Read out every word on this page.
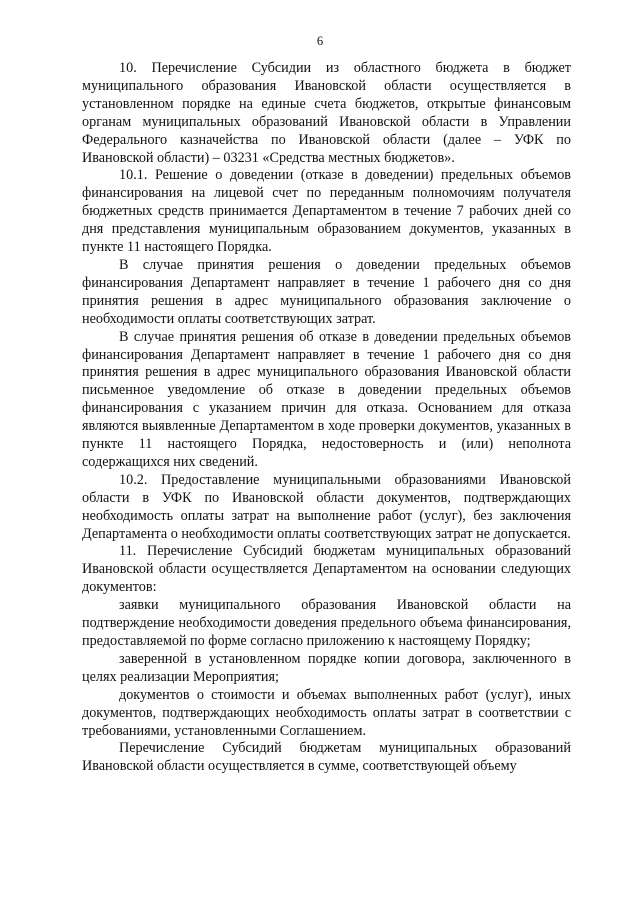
6

10. Перечисление Субсидии из областного бюджета в бюджет муниципального образования Ивановской области осуществляется в установленном порядке на единые счета бюджетов, открытые финансовым органам муниципальных образований Ивановской области в Управлении Федерального казначейства по Ивановской области (далее – УФК по Ивановской области) – 03231 «Средства местных бюджетов».

10.1. Решение о доведении (отказе в доведении) предельных объемов финансирования на лицевой счет по переданным полномочиям получателя бюджетных средств принимается Департаментом в течение 7 рабочих дней со дня представления муниципальным образованием документов, указанных в пункте 11 настоящего Порядка.

В случае принятия решения о доведении предельных объемов финансирования Департамент направляет в течение 1 рабочего дня со дня принятия решения в адрес муниципального образования заключение о необходимости оплаты соответствующих затрат.

В случае принятия решения об отказе в доведении предельных объемов финансирования Департамент направляет в течение 1 рабочего дня со дня принятия решения в адрес муниципального образования Ивановской области письменное уведомление об отказе в доведении предельных объемов финансирования с указанием причин для отказа. Основанием для отказа являются выявленные Департаментом в ходе проверки документов, указанных в пункте 11 настоящего Порядка, недостоверность и (или) неполнота содержащихся них сведений.

10.2. Предоставление муниципальными образованиями Ивановской области в УФК по Ивановской области документов, подтверждающих необходимость оплаты затрат на выполнение работ (услуг), без заключения Департамента о необходимости оплаты соответствующих затрат не допускается.

11. Перечисление Субсидий бюджетам муниципальных образований Ивановской области осуществляется Департаментом на основании следующих документов:

заявки муниципального образования Ивановской области на подтверждение необходимости доведения предельного объема финансирования, предоставляемой по форме согласно приложению к настоящему Порядку;

заверенной в установленном порядке копии договора, заключенного в целях реализации Мероприятия;

документов о стоимости и объемах выполненных работ (услуг), иных документов, подтверждающих необходимость оплаты затрат в соответствии с требованиями, установленными Соглашением.

Перечисление Субсидий бюджетам муниципальных образований Ивановской области осуществляется в сумме, соответствующей объему
